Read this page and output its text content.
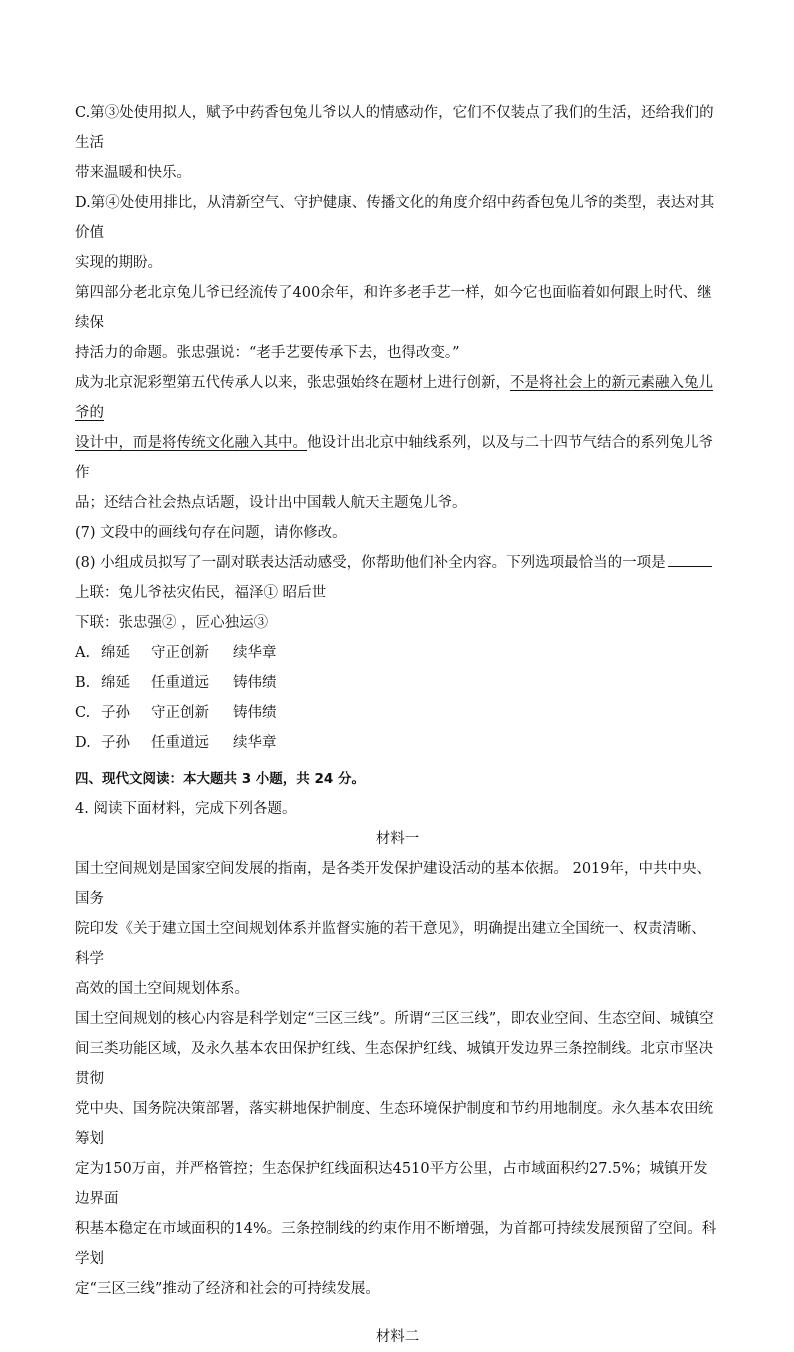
C.第③处使用拟人，赋予中药香包兔儿爷以人的情感动作，它们不仅装点了我们的生活，还给我们的生活
带来温暖和快乐。

D.第④处使用排比，从清新空气、守护健康、传播文化的角度介绍中药香包兔儿爷的类型，表达对其价值
实现的期盼。

第四部分老北京兔儿爷已经流传了400余年，和许多老手艺一样，如今它也面临着如何跟上时代、继续保
持活力的命题。张忠强说：“老手艺要传承下去，也得改变。”

成为北京泥彩塑第五代传承人以来，张忠强始终在题材上进行创新，不是将社会上的新元素融入兔儿爷的
设计中，而是将传统文化融入其中。他设计出北京中轴线系列，以及与二十四节气结合的系列兔儿爷作
品；还结合社会热点话题，设计出中国载人航天主题兔儿爷。

(7) 文段中的画线句存在问题，请你修改。

(8) 小组成员拟写了一副对联表达活动感受，你帮助他们补全内容。下列选项最恰当的一项是

上联：兔儿爷祛灾佑民，福泽① 昭后世

下联：张忠强② ，匠心独运③

A. 绵延	守正创新	续华章
B. 绵延	任重道远	铸伟绩
C. 子孙	守正创新	铸伟绩
D. 子孙	任重道远	续华章
四、现代文阅读：本大题共 3 小题，共 24 分。

4. 阅读下面材料，完成下列各题。

材料一

国土空间规划是国家空间发展的指南，是各类开发保护建设活动的基本依据。 2019年，中共中央、国务
院印发《关于建立国土空间规划体系并监督实施的若干意见》，明确提出建立全国统一、权责清晰、科学
高效的国土空间规划体系。

国土空间规划的核心内容是科学划定“三区三线”。所谓“三区三线”，即农业空间、生态空间、城镇空
间三类功能区域，及永久基本农田保护红线、生态保护红线、城镇开发边界三条控制线。北京市坚决贯彻
党中央、国务院决策部署，落实耕地保护制度、生态环境保护制度和节约用地制度。永久基本农田统筹划
定为150万亩，并严格管控；生态保护红线面积达4510平方公里，占市域面积约27.5%；城镇开发边界面
积基本稳定在市域面积的14%。三条控制线的约束作用不断增强，为首都可持续发展预留了空间。科学划
定“三区三线”推动了经济和社会的可持续发展。

材料二
